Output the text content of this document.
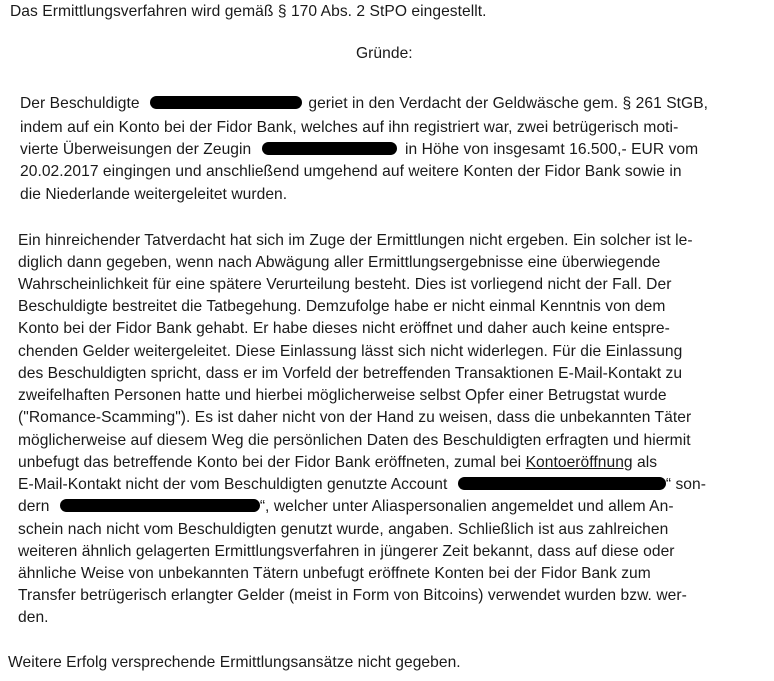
Das Ermittlungsverfahren wird gemäß § 170 Abs. 2 StPO eingestellt.
Gründe:
Der Beschuldigte	geriet in den Verdacht der Geldwäsche gem. § 261 StGB,
indem auf ein Konto bei der Fidor Bank, welches auf ihn registriert war, zwei betrügerisch moti-
vierte Überweisungen der Zeugin	in Höhe von insgesamt 16.500,- EUR vom
20.02.2017 eingingen und anschließend umgehend auf weitere Konten der Fidor Bank sowie in
die Niederlande weitergeleitet wurden.
Ein hinreichender Tatverdacht hat sich im Zuge der Ermittlungen nicht ergeben. Ein solcher ist le-
diglich dann gegeben, wenn nach Abwägung aller Ermittlungsergebnisse eine überwiegende
Wahrscheinlichkeit für eine spätere Verurteilung besteht. Dies ist vorliegend nicht der Fall. Der
Beschuldigte bestreitet die Tatbegehung. Demzufolge habe er nicht einmal Kenntnis von dem
Konto bei der Fidor Bank gehabt. Er habe dieses nicht eröffnet und daher auch keine entspre-
chenden Gelder weitergeleitet. Diese Einlassung lässt sich nicht widerlegen. Für die Einlassung
des Beschuldigten spricht, dass er im Vorfeld der betreffenden Transaktionen E-Mail-Kontakt zu
zweifelhaften Personen hatte und hierbei möglicherweise selbst Opfer einer Betrugstat wurde
("Romance-Scamming"). Es ist daher nicht von der Hand zu weisen, dass die unbekannten Täter
möglicherweise auf diesem Weg die persönlichen Daten des Beschuldigten erfragten und hiermit
unbefugt das betreffende Konto bei der Fidor Bank eröffneten, zumal bei Kontoeröffnung als
E-Mail-Kontakt nicht der vom Beschuldigten genutzte Account	“ son-
dern	“, welcher unter Aliaspersonalien angemeldet und allem An-
schein nach nicht vom Beschuldigten genutzt wurde, angaben. Schließlich ist aus zahlreichen
weiteren ähnlich gelagerten Ermittlungsverfahren in jüngerer Zeit bekannt, dass auf diese oder
ähnliche Weise von unbekannten Tätern unbefugt eröffnete Konten bei der Fidor Bank zum
Transfer betrügerisch erlangter Gelder (meist in Form von Bitcoins) verwendet wurden bzw. wer-
den.
Weitere Erfolg versprechende Ermittlungsansätze nicht gegeben.
